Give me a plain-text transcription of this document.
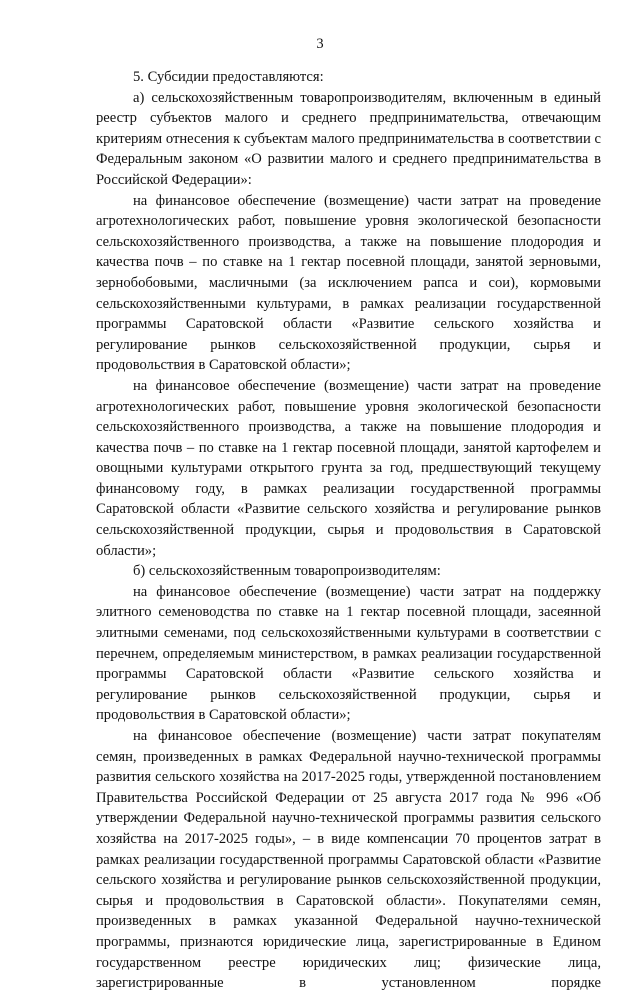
3

5. Субсидии предоставляются:

а) сельскохозяйственным товаропроизводителям, включенным в единый реестр субъектов малого и среднего предпринимательства, отвечающим критериям отнесения к субъектам малого предпринимательства в соответствии с Федеральным законом «О развитии малого и среднего предпринимательства в Российской Федерации»:

на финансовое обеспечение (возмещение) части затрат на проведение агротехнологических работ, повышение уровня экологической безопасности сельскохозяйственного производства, а также на повышение плодородия и качества почв – по ставке на 1 гектар посевной площади, занятой зерновыми, зернобобовыми, масличными (за исключением рапса и сои), кормовыми сельскохозяйственными культурами, в рамках реализации государственной программы Саратовской области «Развитие сельского хозяйства и регулирование рынков сельскохозяйственной продукции, сырья и продовольствия в Саратовской области»;

на финансовое обеспечение (возмещение) части затрат на проведение агротехнологических работ, повышение уровня экологической безопасности сельскохозяйственного производства, а также на повышение плодородия и качества почв – по ставке на 1 гектар посевной площади, занятой картофелем и овощными культурами открытого грунта за год, предшествующий текущему финансовому году, в рамках реализации государственной программы Саратовской области «Развитие сельского хозяйства и регулирование рынков сельскохозяйственной продукции, сырья и продовольствия в Саратовской области»;

б) сельскохозяйственным товаропроизводителям:

на финансовое обеспечение (возмещение) части затрат на поддержку элитного семеноводства по ставке на 1 гектар посевной площади, засеянной элитными семенами, под сельскохозяйственными культурами в соответствии с перечнем, определяемым министерством, в рамках реализации государственной программы Саратовской области «Развитие сельского хозяйства и регулирование рынков сельскохозяйственной продукции, сырья и продовольствия в Саратовской области»;

на финансовое обеспечение (возмещение) части затрат покупателям семян, произведенных в рамках Федеральной научно-технической программы развития сельского хозяйства на 2017-2025 годы, утвержденной постановлением Правительства Российской Федерации от 25 августа 2017 года № 996 «Об утверждении Федеральной научно-технической программы развития сельского хозяйства на 2017-2025 годы», – в виде компенсации 70 процентов затрат в рамках реализации государственной программы Саратовской области «Развитие сельского хозяйства и регулирование рынков сельскохозяйственной продукции, сырья и продовольствия в Саратовской области». Покупателями семян, произведенных в рамках указанной Федеральной научно-технической программы, признаются юридические лица, зарегистрированные в Едином государственном реестре юридических лиц; физические лица, зарегистрированные в установленном порядке
